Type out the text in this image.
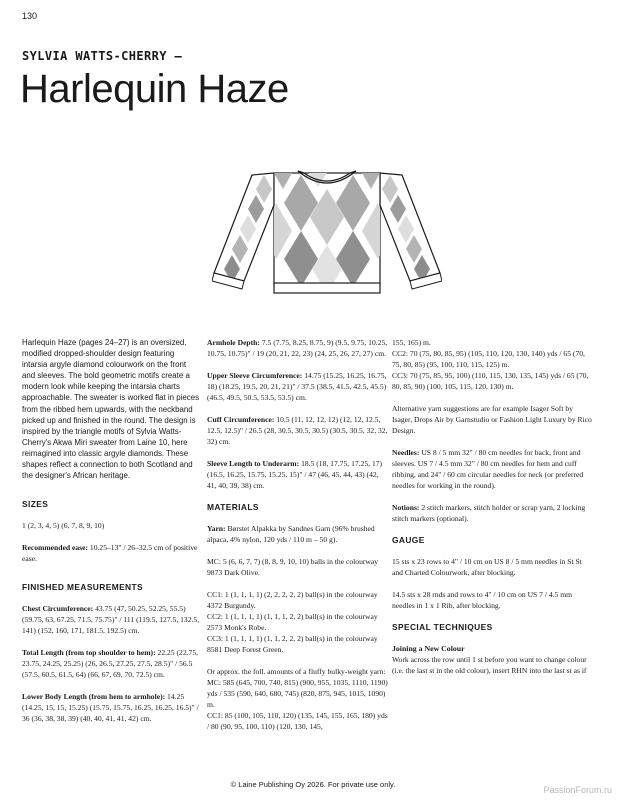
130
SYLVIA WATTS-CHERRY —
Harlequin Haze

Harlequin Haze (pages 24–27) is an oversized, modified dropped-shoulder design featuring intarsia argyle diamond colourwork on the front and sleeves. The bold geometric motifs create a modern look while keeping the intarsia charts approachable. The sweater is worked flat in pieces from the ribbed hem upwards, with the neckband picked up and finished in the round. The design is inspired by the triangle motifs of Sylvia Watts-Cherry's Akwa Miri sweater from Laine 10, here reimagined into classic argyle diamonds. These shapes reflect a connection to both Scotland and the designer's African heritage.

SIZES

1 (2, 3, 4, 5) (6, 7, 8, 9, 10)

Recommended ease: 10.25–13" / 26–32.5 cm of positive ease.

FINISHED MEASUREMENTS

Chest Circumference: 43.75 (47, 50.25, 52.25, 55.5) (59.75, 63, 67.25, 71.5, 75.75)" / 111 (119.5, 127.5, 132.5, 141) (152, 160, 171, 181.5, 192.5) cm.

Total Length (from top shoulder to hem): 22.25 (22.75, 23.75, 24.25, 25.25) (26, 26.5, 27.25, 27.5, 28.5)" / 56.5 (57.5, 60.5, 61.5, 64) (66, 67, 69, 70, 72.5) cm.

Lower Body Length (from hem to armhole): 14.25 (14.25, 15, 15, 15.25) (15.75, 15.75, 16.25, 16.25, 16.5)" / 36 (36, 38, 38, 39) (40, 40, 41, 41, 42) cm.

Armhole Depth: 7.5 (7.75, 8.25, 8.75, 9) (9.5, 9.75, 10.25, 10.75, 10.75)" / 19 (20, 21, 22, 23) (24, 25, 26, 27, 27) cm.

Upper Sleeve Circumference: 14.75 (15.25, 16.25, 16.75, 18) (18.25, 19.5, 20, 21, 21)" / 37.5 (38.5, 41.5, 42.5, 45.5) (46.5, 49.5, 50.5, 53.5, 53.5) cm.

Cuff Circumference: 10.5 (11, 12, 12, 12) (12, 12, 12.5, 12.5, 12.5)" / 26.5 (28, 30.5, 30.5, 30.5) (30.5, 30.5, 32, 32, 32) cm.

Sleeve Length to Underarm: 18.5 (18, 17.75, 17.25, 17) (16.5, 16.25, 15.75, 15.25, 15)" / 47 (46, 45, 44, 43) (42, 41, 40, 39, 38) cm.

MATERIALS

Yarn: Børstet Alpakka by Sandnes Garn (96% brushed alpaca, 4% nylon, 120 yds / 110 m – 50 g).

MC: 5 (6, 6, 7, 7) (8, 8, 9, 10, 10) balls in the colourway 9873 Dark Olive.

CC1: 1 (1, 1, 1, 1) (2, 2, 2, 2, 2) ball(s) in the colourway 4372 Burgundy.

CC2: 1 (1, 1, 1, 1) (1, 1, 1, 2, 2) ball(s) in the colourway 2573 Monk's Robe.

CC3: 1 (1, 1, 1, 1) (1, 1, 2, 2, 2) ball(s) in the colourway 8581 Deep Forest Green.

Or approx. the foll. amounts of a fluffy bulky-weight yarn:

MC: 585 (645, 700, 740, 815) (900, 955, 1035, 1110, 1190) yds / 535 (590, 640, 680, 745) (820, 875, 945, 1015, 1090) m.

CC1: 85 (100, 105, 110, 120) (135, 145, 155, 165, 180) yds / 80 (90, 95, 100, 110) (120, 130, 145,

155, 165) m.

CC2: 70 (75, 80, 85, 95) (105, 110, 120, 130, 140) yds / 65 (70, 75, 80, 85) (95, 100, 110, 115, 125) m.

CC3: 70 (75, 85, 95, 100) (110, 115, 130, 135, 145) yds / 65 (70, 80, 85, 90) (100, 105, 115, 120, 130) m.

Alternative yarn suggestions are for example Isager Soft by Isager, Drops Air by Garnstudio or Fashion Light Luxury by Rico Design.

Needles: US 8 / 5 mm 32" / 80 cm needles for back, front and sleeves. US 7 / 4.5 mm 32" / 80 cm needles for hem and cuff ribbing, and 24" / 60 cm circular needles for neck (or preferred needles for working in the round).

Notions: 2 stitch markers, stitch holder or scrap yarn, 2 locking stitch markers (optional).

GAUGE

15 sts x 23 rows to 4" / 10 cm on US 8 / 5 mm needles in St St and Charted Colourwork, after blocking.

14.5 sts x 28 rnds and rows to 4" / 10 cm on US 7 / 4.5 mm needles in 1 x 1 Rib, after blocking.

SPECIAL TECHNIQUES
Joining a New Colour

Work across the row until 1 st before you want to change colour (i.e. the last st in the old colour), insert RHN into the last st as if

© Laine Publishing Oy 2026. For private use only.
PassionForum.ru
